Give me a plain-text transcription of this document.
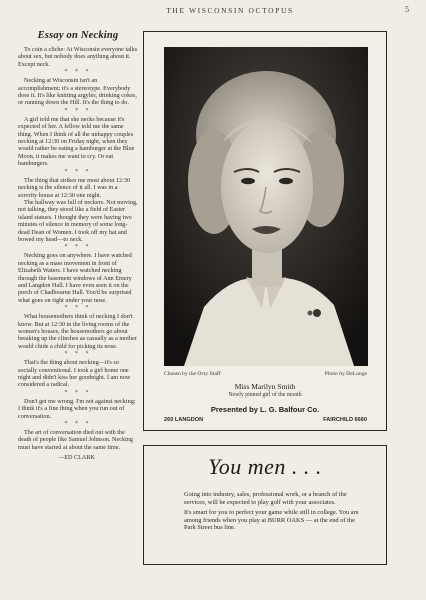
THE WISCONSIN OCTOPUS	5
Essay on Necking

To coin a cliche: At Wisconsin everyone talks about sex, but nobody does anything about it. Except neck.

* * *

Necking at Wisconsin isn't an accomplishment; it's a stereotype. Everybody does it. It's like knitting argyles, drinking cokes, or running down the Hill. It's the thing to do.

* * *

A girl told me that she necks because it's expected of her. A fellow told me the same thing. When I think of all the unhappy couples necking at 12:30 on Friday night, when they would rather be eating a hamburger at the Blue Moon, it makes me want to cry. Or eat hamburgers.

* * *

The thing that strikes me most about 12:30 necking is the silence of it all. I was in a sorority house at 12:30 one night.

The hallway was full of neckers. Not moving, not talking, they stood like a field of Easter island statues. I thought they were having two minutes of silence in memory of some long-dead Dean of Women. I took off my hat and bowed my head—to neck.

* * *

Necking goes on anywhere. I have watched necking as a mass movement in front of Elizabeth Waters. I have watched necking through the basement windows of Ann Emery and Langdon Hall. I have even seen it on the porch of Chadbourne Hall. You'd be surprised what goes on right under your nose.

* * *

What housemothers think of necking I don't know. But at 12:30 in the living rooms of the women's houses, the housemothers go about breaking up the clinches as casually as a mother would chide a child for picking its nose.

* * *

That's the thing about necking—it's so socially conventional. I took a girl home one night and didn't kiss her goodnight. I am now considered a radical.

* * *

Don't get me wrong. I'm not against necking; I think it's a fine thing when you run out of conversation.

* * *

The art of conversation died out with the death of people like Samuel Johnson. Necking must have started at about the same time.

—ED CLARK
Chosen by the Octy Staff	Photo by DeLonge
Miss Marilyn Smith
Newly pinned girl of the month
Presented by L. G. Balfour Co.
260 LANGDON	FAIRCHILD 6660
You men . . .

Going into industry, sales, professional work, or a branch of the services, will be expected to play golf with your associates.

It's smart for you to perfect your game while still in college. You are among friends when you play at BURR OAKS — at the end of the Park Street bus line.
